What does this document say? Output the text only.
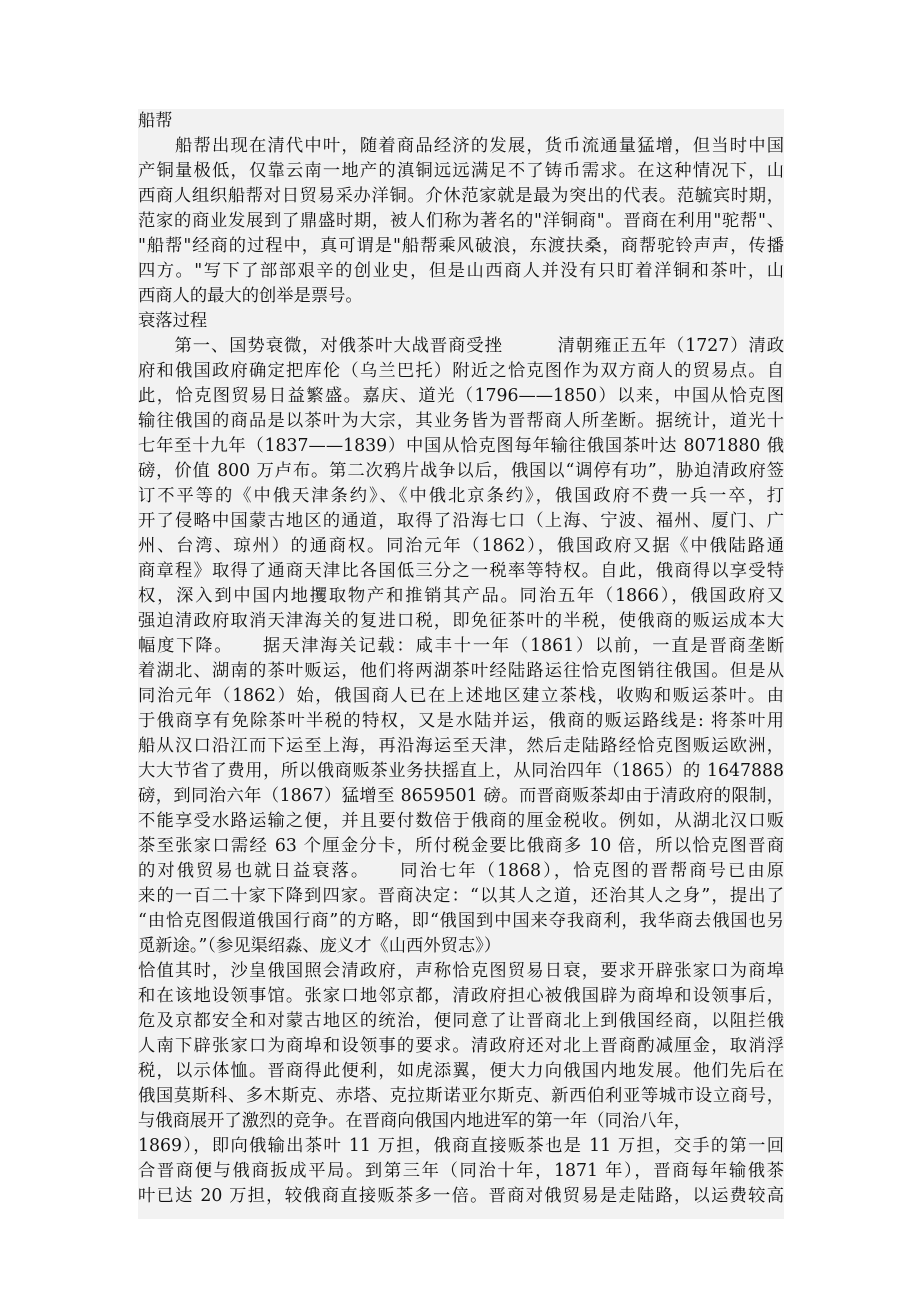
船帮
　　船帮出现在清代中叶，随着商品经济的发展，货币流通量猛增，但当时中国
产铜量极低，仅靠云南一地产的滇铜远远满足不了铸币需求。在这种情况下，山
西商人组织船帮对日贸易采办洋铜。介休范家就是最为突出的代表。范毓宾时期，
范家的商业发展到了鼎盛时期，被人们称为著名的"洋铜商"。晋商在利用"驼帮"、
"船帮"经商的过程中，真可谓是"船帮乘风破浪，东渡扶桑，商帮驼铃声声，传播
四方。"写下了部部艰辛的创业史，但是山西商人并没有只盯着洋铜和茶叶，山
西商人的最大的创举是票号。
衰落过程
　　第一、国势衰微，对俄茶叶大战晋商受挫　　　清朝雍正五年（1727）清政
府和俄国政府确定把库伦（乌兰巴托）附近之恰克图作为双方商人的贸易点。自
此，恰克图贸易日益繁盛。嘉庆、道光（1796——1850）以来，中国从恰克图
输往俄国的商品是以茶叶为大宗，其业务皆为晋帮商人所垄断。据统计，道光十
七年至十九年（1837——1839）中国从恰克图每年输往俄国茶叶达 8071880 俄
磅，价值 800 万卢布。第二次鸦片战争以后，俄国以“调停有功”，胁迫清政府签
订不平等的《中俄天津条约》、《中俄北京条约》，俄国政府不费一兵一卒，打
开了侵略中国蒙古地区的通道，取得了沿海七口（上海、宁波、福州、厦门、广
州、台湾、琼州）的通商权。同治元年（1862），俄国政府又据《中俄陆路通
商章程》取得了通商天津比各国低三分之一税率等特权。自此，俄商得以享受特
权，深入到中国内地攫取物产和推销其产品。同治五年（1866），俄国政府又
强迫清政府取消天津海关的复进口税，即免征茶叶的半税，使俄商的贩运成本大
幅度下降。　　据天津海关记载：咸丰十一年（1861）以前，一直是晋商垄断
着湖北、湖南的茶叶贩运，他们将两湖茶叶经陆路运往恰克图销往俄国。但是从
同治元年（1862）始，俄国商人已在上述地区建立茶栈，收购和贩运茶叶。由
于俄商享有免除茶叶半税的特权，又是水陆并运，俄商的贩运路线是: 将茶叶用
船从汉口沿江而下运至上海，再沿海运至天津，然后走陆路经恰克图贩运欧洲，
大大节省了费用，所以俄商贩茶业务扶摇直上，从同治四年（1865）的 1647888
磅，到同治六年（1867）猛增至 8659501 磅。而晋商贩茶却由于清政府的限制，
不能享受水路运输之便，并且要付数倍于俄商的厘金税收。例如，从湖北汉口贩
茶至张家口需经 63 个厘金分卡，所付税金要比俄商多 10 倍，所以恰克图晋商
的对俄贸易也就日益衰落。　　同治七年（1868），恰克图的晋帮商号已由原
来的一百二十家下降到四家。晋商决定：“以其人之道，还治其人之身”，提出了
“由恰克图假道俄国行商”的方略，即“俄国到中国来夺我商利，我华商去俄国也另
觅新途。”（参见渠绍淼、庞义才《山西外贸志》）
恰值其时，沙皇俄国照会清政府，声称恰克图贸易日衰，要求开辟张家口为商埠
和在该地设领事馆。张家口地邻京都，清政府担心被俄国辟为商埠和设领事后，
危及京都安全和对蒙古地区的统治，便同意了让晋商北上到俄国经商，以阻拦俄
人南下辟张家口为商埠和设领事的要求。清政府还对北上晋商酌减厘金，取消浮
税，以示体恤。晋商得此便利，如虎添翼，便大力向俄国内地发展。他们先后在
俄国莫斯科、多木斯克、赤塔、克拉斯诺亚尔斯克、新西伯利亚等城市设立商号，
与俄商展开了激烈的竞争。在晋商向俄国内地进军的第一年（同治八年，
1869），即向俄输出茶叶 11 万担，俄商直接贩茶也是 11 万担，交手的第一回
合晋商便与俄商扳成平局。到第三年（同治十年，1871 年），晋商每年输俄茶
叶已达 20 万担，较俄商直接贩茶多一倍。晋商对俄贸易是走陆路，以运费较高
